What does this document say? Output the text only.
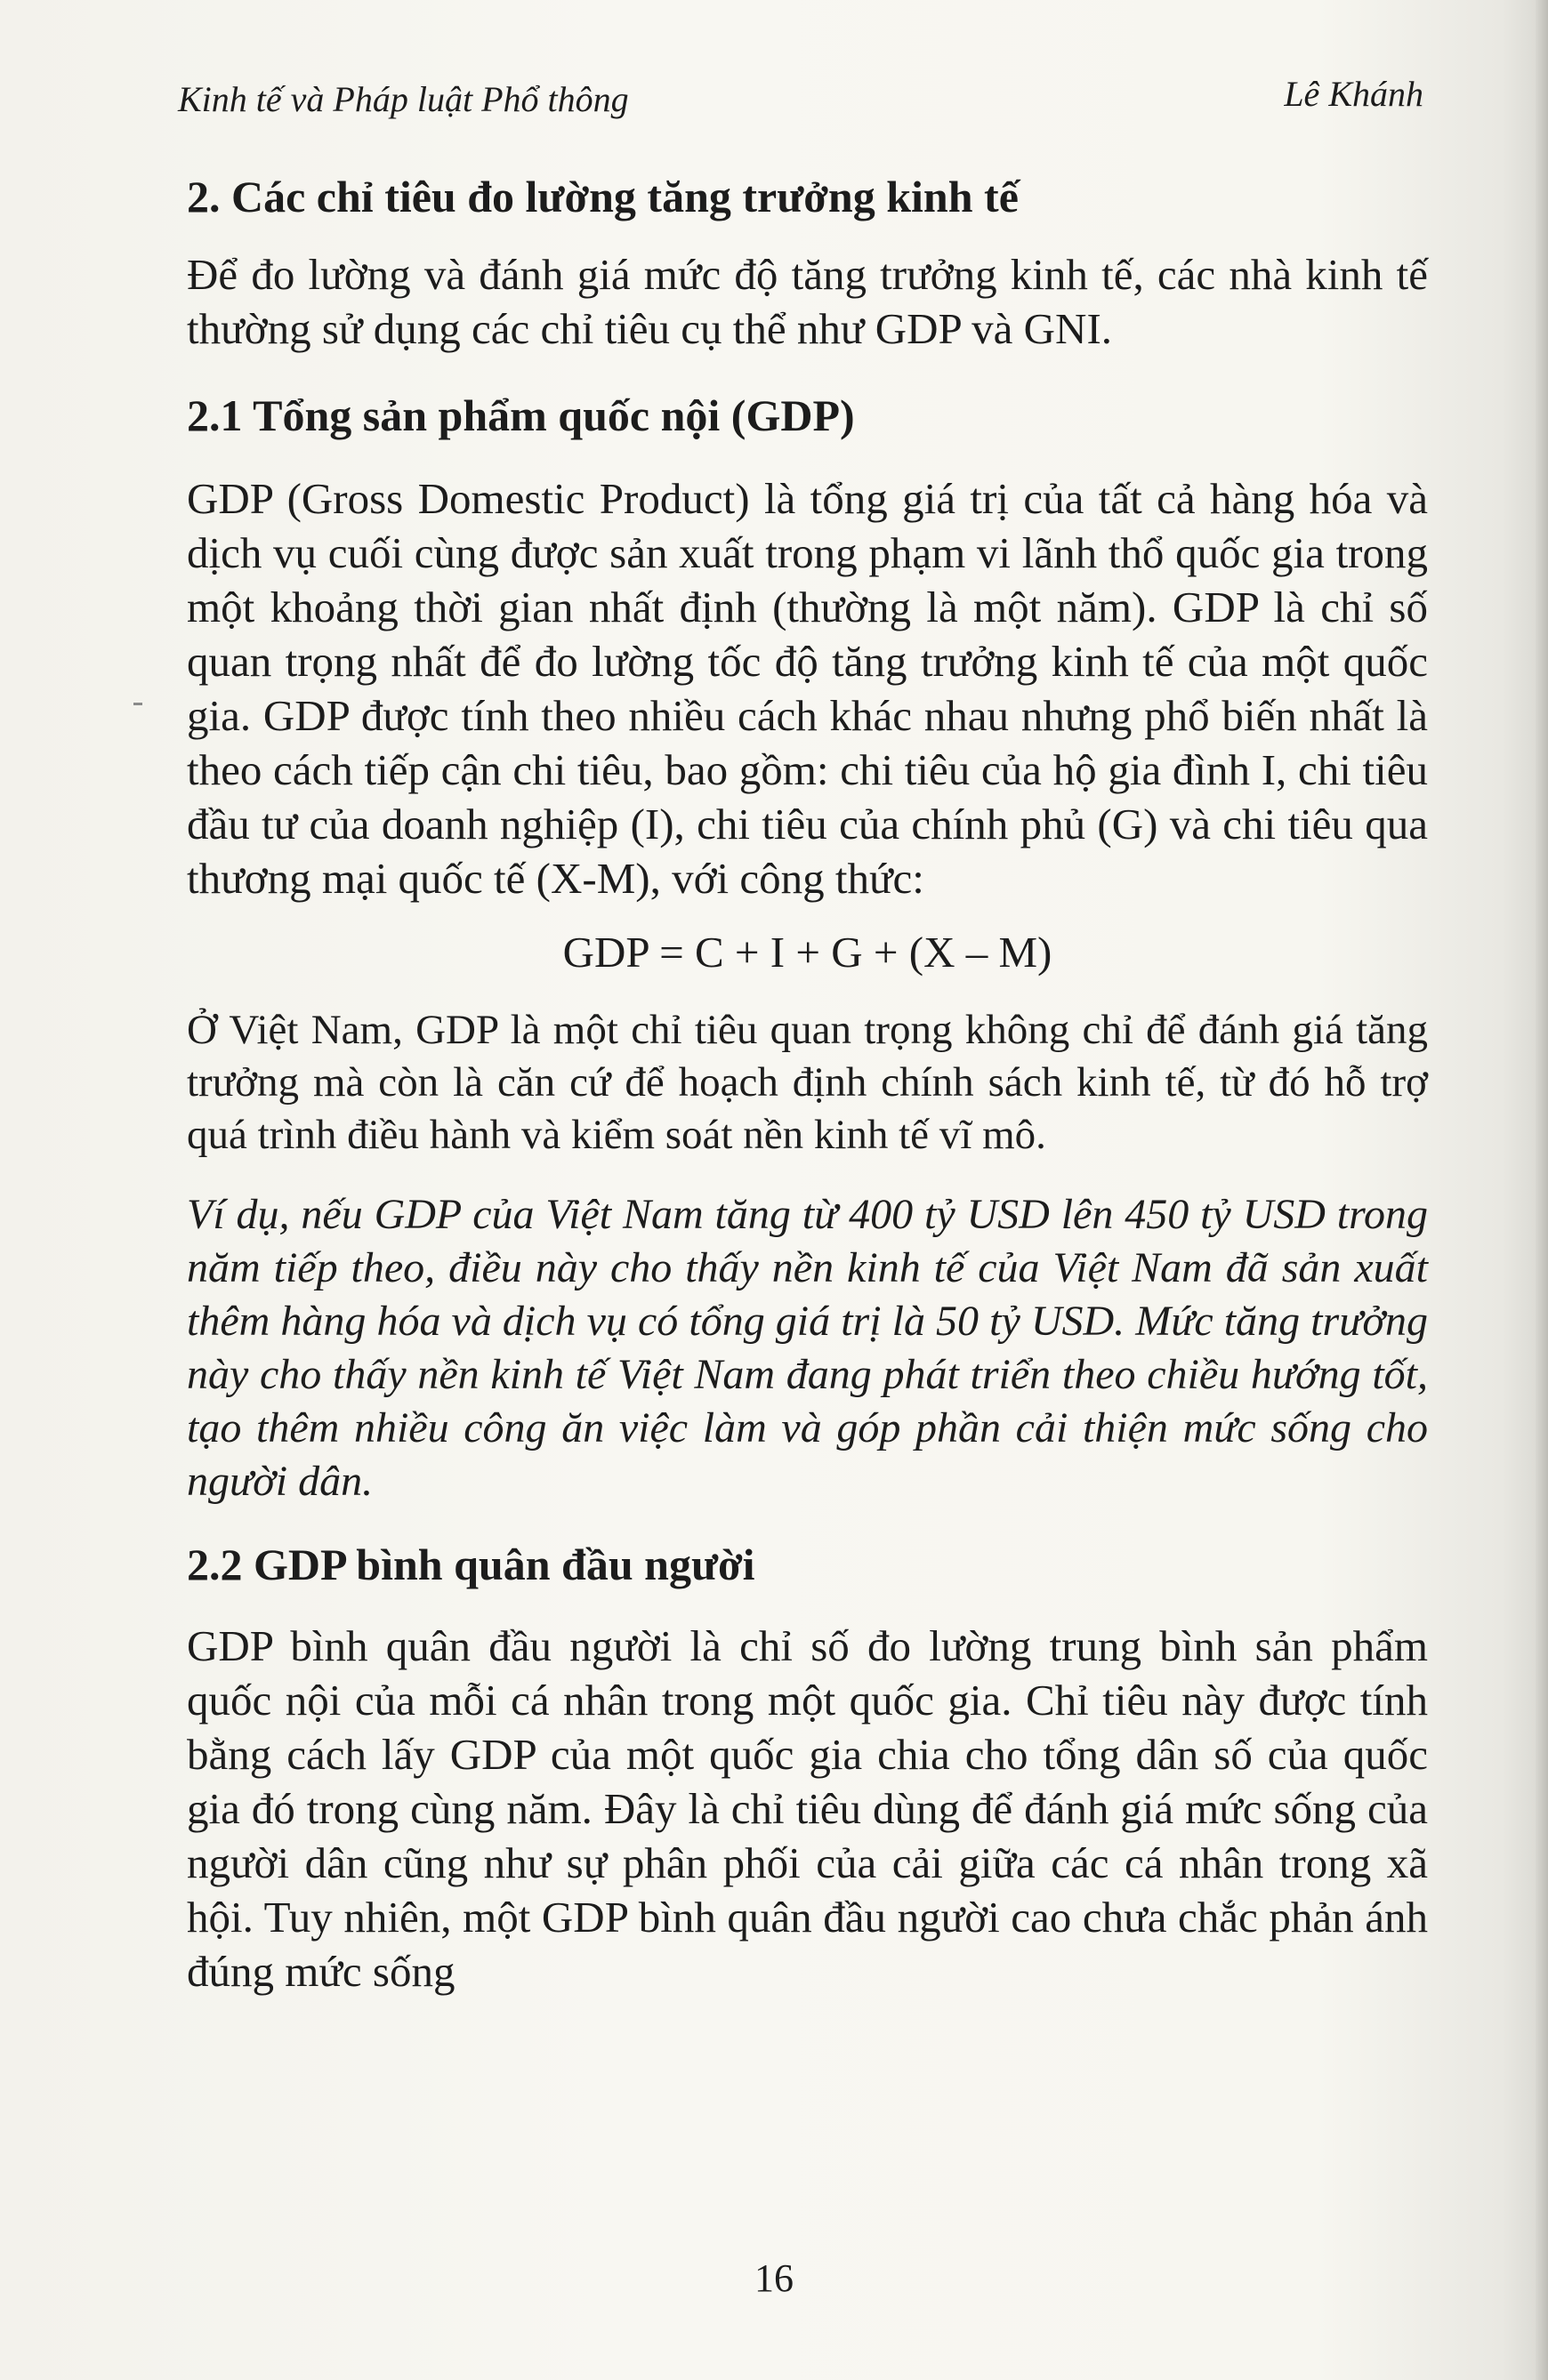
Kinh tế và Pháp luật Phổ thông	Lê Khánh
2. Các chỉ tiêu đo lường tăng trưởng kinh tế

Để đo lường và đánh giá mức độ tăng trưởng kinh tế, các nhà kinh tế thường sử dụng các chỉ tiêu cụ thể như GDP và GNI.

2.1 Tổng sản phẩm quốc nội (GDP)

GDP (Gross Domestic Product) là tổng giá trị của tất cả hàng hóa và dịch vụ cuối cùng được sản xuất trong phạm vi lãnh thổ quốc gia trong một khoảng thời gian nhất định (thường là một năm). GDP là chỉ số quan trọng nhất để đo lường tốc độ tăng trưởng kinh tế của một quốc gia. GDP được tính theo nhiều cách khác nhau nhưng phổ biến nhất là theo cách tiếp cận chi tiêu, bao gồm: chi tiêu của hộ gia đình I, chi tiêu đầu tư của doanh nghiệp (I), chi tiêu của chính phủ (G) và chi tiêu qua thương mại quốc tế (X-M), với công thức:

GDP = C + I + G + (X – M)

Ở Việt Nam, GDP là một chỉ tiêu quan trọng không chỉ để đánh giá tăng trưởng mà còn là căn cứ để hoạch định chính sách kinh tế, từ đó hỗ trợ quá trình điều hành và kiểm soát nền kinh tế vĩ mô.

Ví dụ, nếu GDP của Việt Nam tăng từ 400 tỷ USD lên 450 tỷ USD trong năm tiếp theo, điều này cho thấy nền kinh tế của Việt Nam đã sản xuất thêm hàng hóa và dịch vụ có tổng giá trị là 50 tỷ USD. Mức tăng trưởng này cho thấy nền kinh tế Việt Nam đang phát triển theo chiều hướng tốt, tạo thêm nhiều công ăn việc làm và góp phần cải thiện mức sống cho người dân.

2.2 GDP bình quân đầu người

GDP bình quân đầu người là chỉ số đo lường trung bình sản phẩm quốc nội của mỗi cá nhân trong một quốc gia. Chỉ tiêu này được tính bằng cách lấy GDP của một quốc gia chia cho tổng dân số của quốc gia đó trong cùng năm. Đây là chỉ tiêu dùng để đánh giá mức sống của người dân cũng như sự phân phối của cải giữa các cá nhân trong xã hội. Tuy nhiên, một GDP bình quân đầu người cao chưa chắc phản ánh đúng mức sống

16
